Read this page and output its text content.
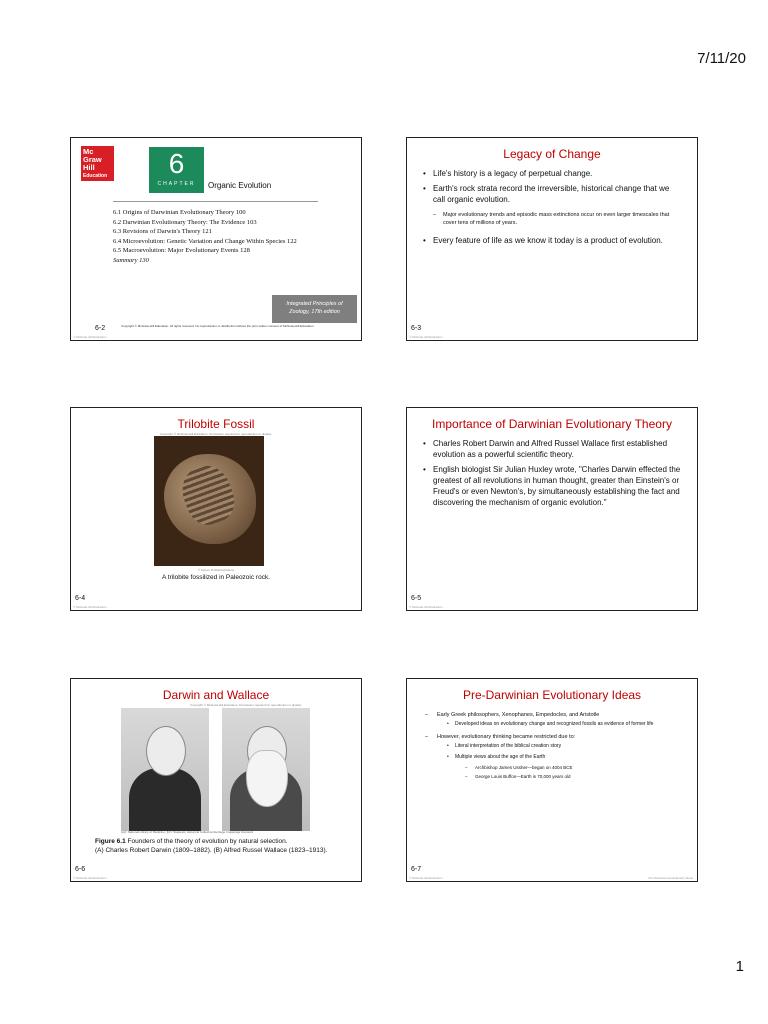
7/11/20
Mc
Graw
Hill
Education	6
CHAPTER	Organic Evolution
6.1 Origins of Darwinian Evolutionary Theory 100
6.2 Darwinian Evolutionary Theory: The Evidence 103
6.3 Revisions of Darwin's Theory 121
6.4 Microevolution: Genetic Variation and Change Within Species 122
6.5 Macroevolution: Major Evolutionary Events 128
Summary 130
Integrated Principles of
Zoology, 17th edition
Copyright © McGraw-Hill Education. All rights reserved. No reproduction or distribution without the prior written consent of McGraw-Hill Education.
6-2
© McGraw-Hill Education
Legacy of Change
• Life's history is a legacy of perpetual change.
• Earth's rock strata record the irreversible, historical change that we call organic evolution.
– Major evolutionary trends and episodic mass extinctions occur on even larger timescales that cover tens of millions of years.
• Every feature of life as we know it today is a product of evolution.
6-3
© McGraw-Hill Education
Trilobite Fossil
Copyright © McGraw-Hill Education. Permission required for reproduction or display.
© Ingram Publishing/Alamy
A trilobite fossilized in Paleozoic rock.
6-4
© McGraw-Hill Education
Importance of Darwinian Evolutionary Theory
• Charles Robert Darwin and Alfred Russel Wallace first established evolution as a powerful scientific theory.
• English biologist Sir Julian Huxley wrote, "Charles Darwin effected the greatest of all revolutions in human thought, greater than Einstein's or Freud's or even Newton's, by simultaneously establishing the fact and discovering the mechanism of organic evolution."
6-5
© McGraw-Hill Education
Darwin and Wallace
Copyright © McGraw-Hill Education. Permission required for reproduction or display.
(a)© National Library of Medicine; (b)© Stapleton Historical Collection/Heritage Image/age fotostock
Figure 6.1 Founders of the theory of evolution by natural selection.
(A) Charles Robert Darwin (1809–1882). (B) Alfred Russel Wallace (1823–1913).
6-6
© McGraw-Hill Education
Pre-Darwinian Evolutionary Ideas
– Early Greek philosophers, Xenophanes, Empedocles, and Aristotle
• Developed ideas on evolutionary change and recognized fossils as evidence of former life
– However, evolutionary thinking became restricted due to:
• Literal interpretation of the biblical creation story
• Multiple views about the age of the Earth
– Archbishop James Ussher—began on 4004 BCE
– George Louis Buffon—Earth is 70,000 years old
6-7
© McGraw-Hill Education	Pre-Darwinian Evolutionary Ideas
1
